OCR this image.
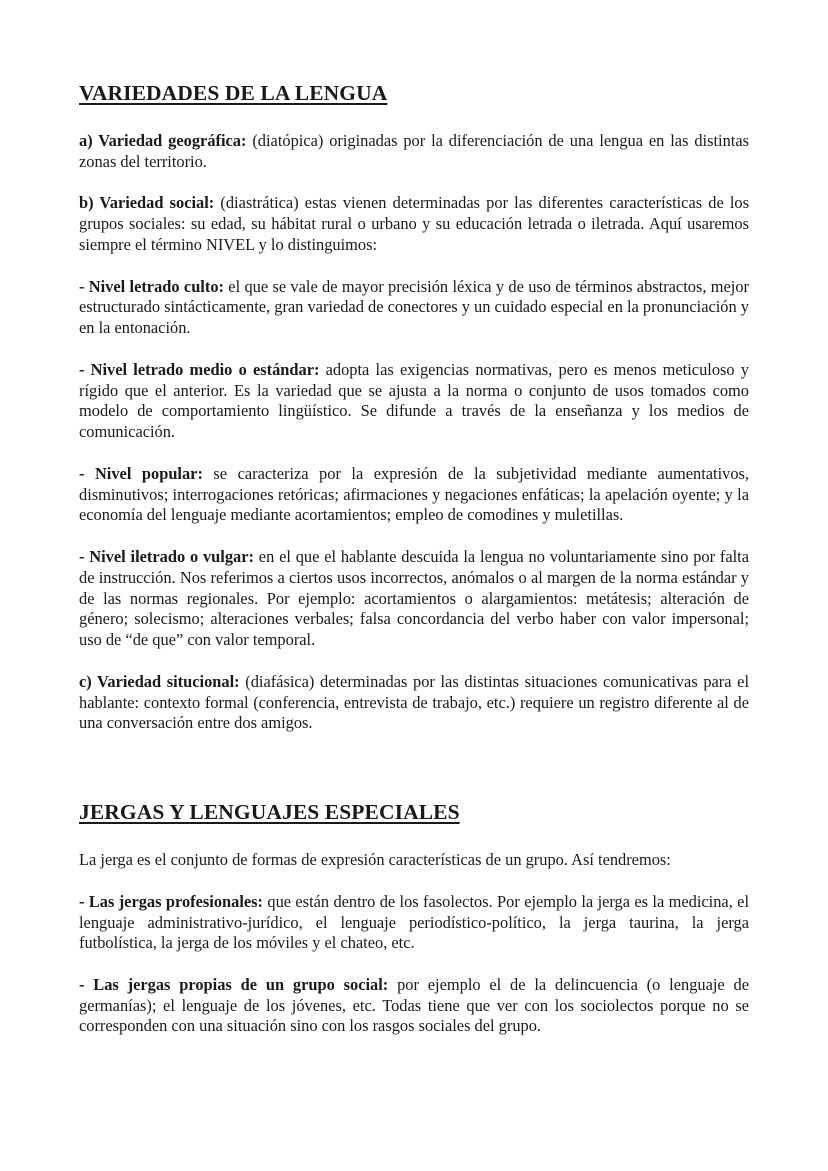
VARIEDADES DE LA LENGUA

a) Variedad geográfica: (diatópica) originadas por la diferenciación de una lengua en las distintas zonas del territorio.

b) Variedad social: (diastrática) estas vienen determinadas por las diferentes características de los grupos sociales: su edad, su hábitat rural o urbano y su educación letrada o iletrada. Aquí usaremos siempre el término NIVEL y lo distinguimos:

- Nivel letrado culto: el que se vale de mayor precisión léxica y de uso de términos abstractos, mejor estructurado sintácticamente, gran variedad de conectores y un cuidado especial en la pronunciación y en la entonación.

- Nivel letrado medio o estándar: adopta las exigencias normativas, pero es menos meticuloso y rígido que el anterior. Es la variedad que se ajusta a la norma o conjunto de usos tomados como modelo de comportamiento lingüístico. Se difunde a través de la enseñanza y los medios de comunicación.

- Nivel popular: se caracteriza por la expresión de la subjetividad mediante aumentativos, disminutivos; interrogaciones retóricas; afirmaciones y negaciones enfáticas; la apelación oyente; y la economía del lenguaje mediante acortamientos; empleo de comodines y muletillas.

- Nivel iletrado o vulgar: en el que el hablante descuida la lengua no voluntariamente sino por falta de instrucción. Nos referimos a ciertos usos incorrectos, anómalos o al margen de la norma estándar y de las normas regionales. Por ejemplo: acortamientos o alargamientos: metátesis; alteración de género; solecismo; alteraciones verbales; falsa concordancia del verbo haber con valor impersonal; uso de “de que” con valor temporal.

c) Variedad situcional: (diafásica) determinadas por las distintas situaciones comunicativas para el hablante: contexto formal (conferencia, entrevista de trabajo, etc.) requiere un registro diferente al de una conversación entre dos amigos.

JERGAS Y LENGUAJES ESPECIALES

La jerga es el conjunto de formas de expresión características de un grupo. Así tendremos:

- Las jergas profesionales: que están dentro de los fasolectos. Por ejemplo la jerga es la medicina, el lenguaje administrativo-jurídico, el lenguaje periodístico-político, la jerga taurina, la jerga futbolística, la jerga de los móviles y el chateo, etc.

- Las jergas propias de un grupo social: por ejemplo el de la delincuencia (o lenguaje de germanías); el lenguaje de los jóvenes, etc. Todas tiene que ver con los sociolectos porque no se corresponden con una situación sino con los rasgos sociales del grupo.
